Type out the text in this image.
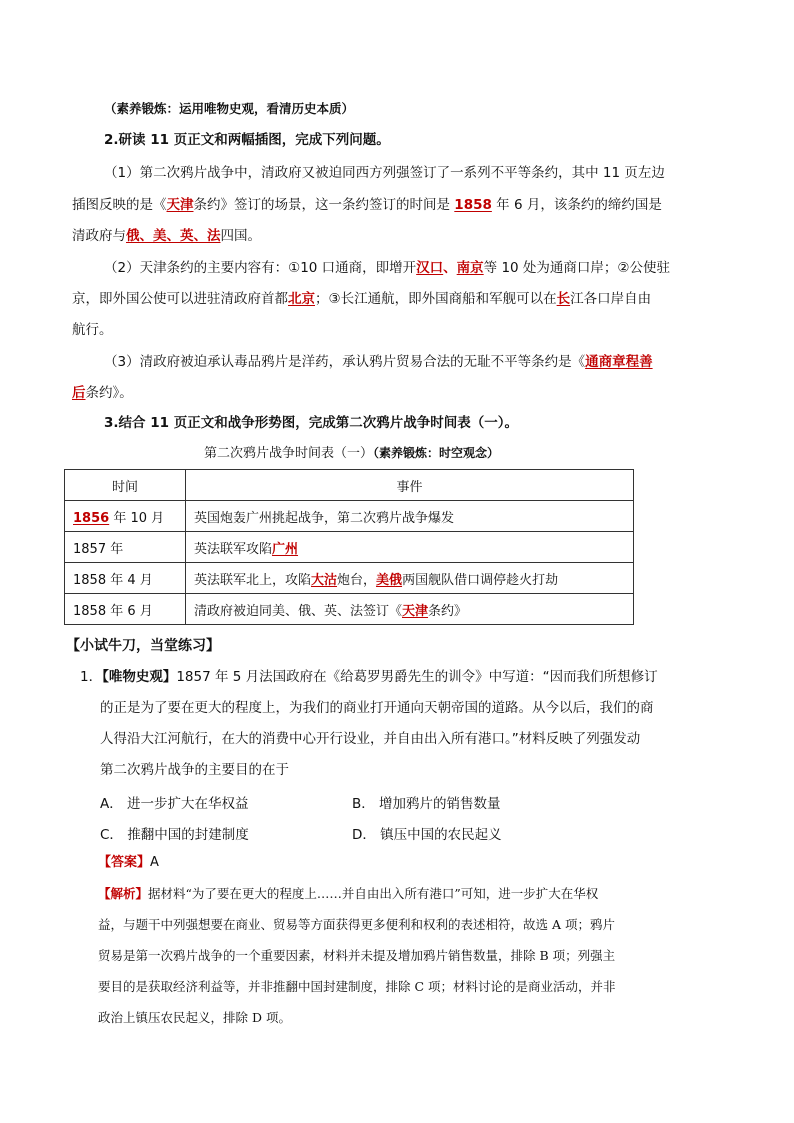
（素养锻炼：运用唯物史观，看清历史本质）
2.研读 11 页正文和两幅插图，完成下列问题。
（1）第二次鸦片战争中，清政府又被迫同西方列强签订了一系列不平等条约，其中 11 页左边
插图反映的是《天津条约》签订的场景，这一条约签订的时间是 1858 年 6 月，该条约的缔约国是
清政府与俄、美、英、法四国。
（2）天津条约的主要内容有：①10 口通商，即增开汉口、南京等 10 处为通商口岸；②公使驻
京，即外国公使可以进驻清政府首都北京；③长江通航，即外国商船和军舰可以在长江各口岸自由
航行。
（3）清政府被迫承认毒品鸦片是洋药，承认鸦片贸易合法的无耻不平等条约是《通商章程善
后条约》。
3.结合 11 页正文和战争形势图，完成第二次鸦片战争时间表（一）。
第二次鸦片战争时间表（一）（素养锻炼：时空观念）
时间	事件
1856 年 10 月	英国炮轰广州挑起战争，第二次鸦片战争爆发
1857 年	英法联军攻陷广州
1858 年 4 月	英法联军北上，攻陷大沽炮台，美俄两国舰队借口调停趁火打劫
1858 年 6 月	清政府被迫同美、俄、英、法签订《天津条约》
【小试牛刀，当堂练习】
1．【唯物史观】1857 年 5 月法国政府在《给葛罗男爵先生的训令》中写道：“因而我们所想修订
的正是为了要在更大的程度上，为我们的商业打开通向天朝帝国的道路。从今以后，我们的商
人得沿大江河航行，在大的消费中心开行设业，并自由出入所有港口。”材料反映了列强发动
第二次鸦片战争的主要目的在于
A． 进一步扩大在华权益	B． 增加鸦片的销售数量
C． 推翻中国的封建制度	D． 镇压中国的农民起义
【答案】A
【解析】据材料“为了要在更大的程度上……并自由出入所有港口”可知，进一步扩大在华权
益，与题干中列强想要在商业、贸易等方面获得更多便利和权利的表述相符，故选 A 项；鸦片
贸易是第一次鸦片战争的一个重要因素，材料并未提及增加鸦片销售数量，排除 B 项；列强主
要目的是获取经济利益等，并非推翻中国封建制度，排除 C 项；材料讨论的是商业活动，并非
政治上镇压农民起义，排除 D 项。
